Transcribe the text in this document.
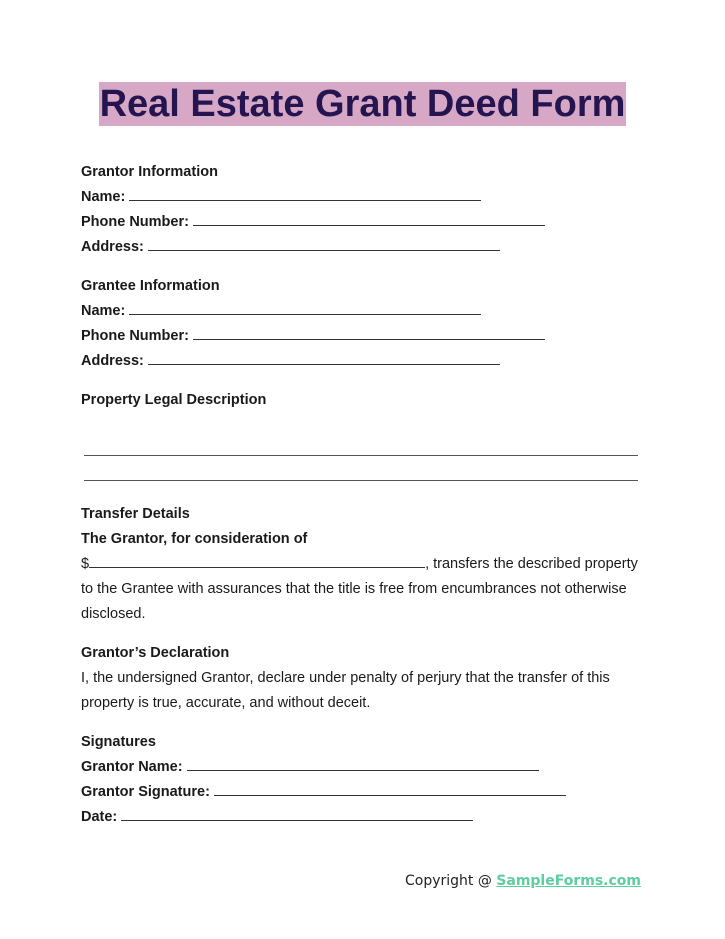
Real Estate Grant Deed Form
Grantor Information
Name:
Phone Number:
Address:
Grantee Information
Name:
Phone Number:
Address:
Property Legal Description
Transfer Details
The Grantor, for consideration of
$	, transfers the described property to the Grantee with assurances that the title is free from encumbrances not otherwise disclosed.
Grantor’s Declaration
I, the undersigned Grantor, declare under penalty of perjury that the transfer of this property is true, accurate, and without deceit.
Signatures
Grantor Name:
Grantor Signature:
Date:
Copyright @ SampleForms.com
